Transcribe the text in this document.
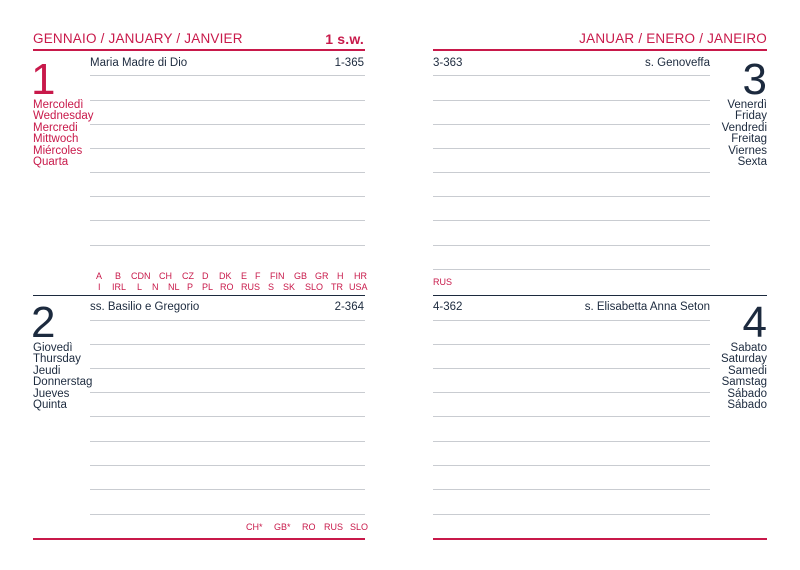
GENNAIO / JANUARY / JANVIER	1 s.w.
1
Mercoledì
Wednesday
Mercredi
Mittwoch
Miércoles
Quarta
Maria Madre di Dio	1-365
A B CDN CH CZ D DK E F FIN GB GR H HR
I IRL L N NL P PL RO RUS S SK SLO TR USA
2
Giovedì
Thursday
Jeudi
Donnerstag
Jueves
Quinta
ss. Basilio e Gregorio	2-364
CH* GB* RO RUS SLO
JANUAR / ENERO / JANEIRO
3-363	s. Genoveffa 3
Venerdì
Friday
Vendredi
Freitag
Viernes
Sexta
RUS
4-362	s. Elisabetta Anna Seton 4
Sabato
Saturday
Samedi
Samstag
Sábado
Sábado
